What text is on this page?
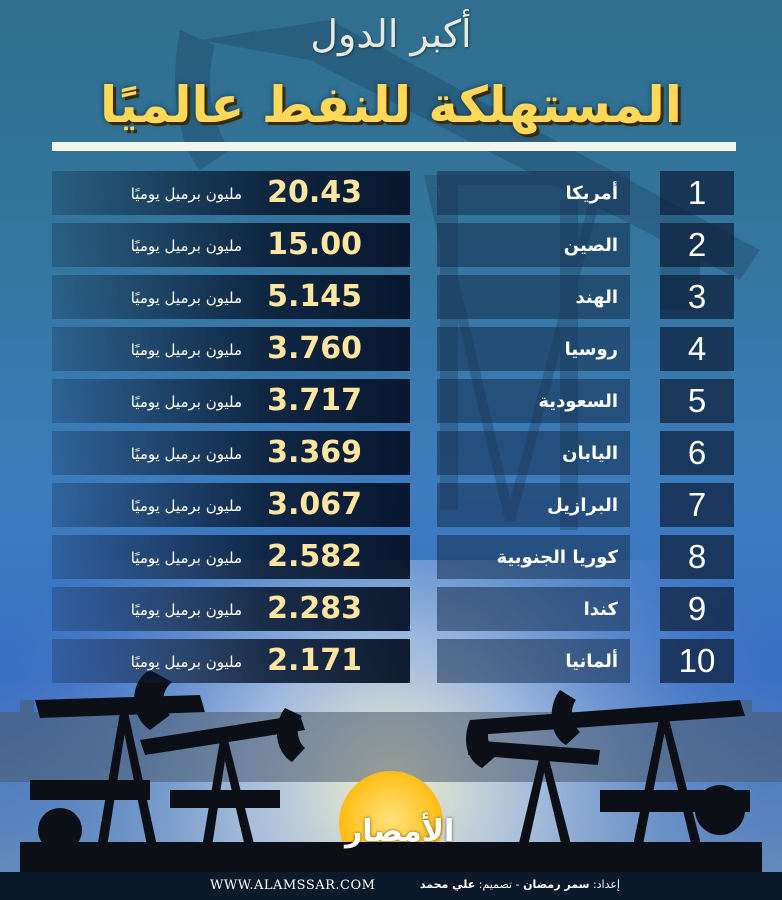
أكبر الدول
المستهلكة للنفط عالميًا
1
أمريكا
20.43
مليون برميل يوميًا
2
الصين
15.00
مليون برميل يوميًا
3
الهند
5.145
مليون برميل يوميًا
4
روسيا
3.760
مليون برميل يوميًا
5
السعودية
3.717
مليون برميل يوميًا
6
اليابان
3.369
مليون برميل يوميًا
7
البرازيل
3.067
مليون برميل يوميًا
8
كوريا الجنوبية
2.582
مليون برميل يوميًا
9
كندا
2.283
مليون برميل يوميًا
10
ألمانيا
2.171
مليون برميل يوميًا
الأمصار
WWW.ALAMSSAR.COM	إعداد: سمر رمضان - تصميم: علي محمد
